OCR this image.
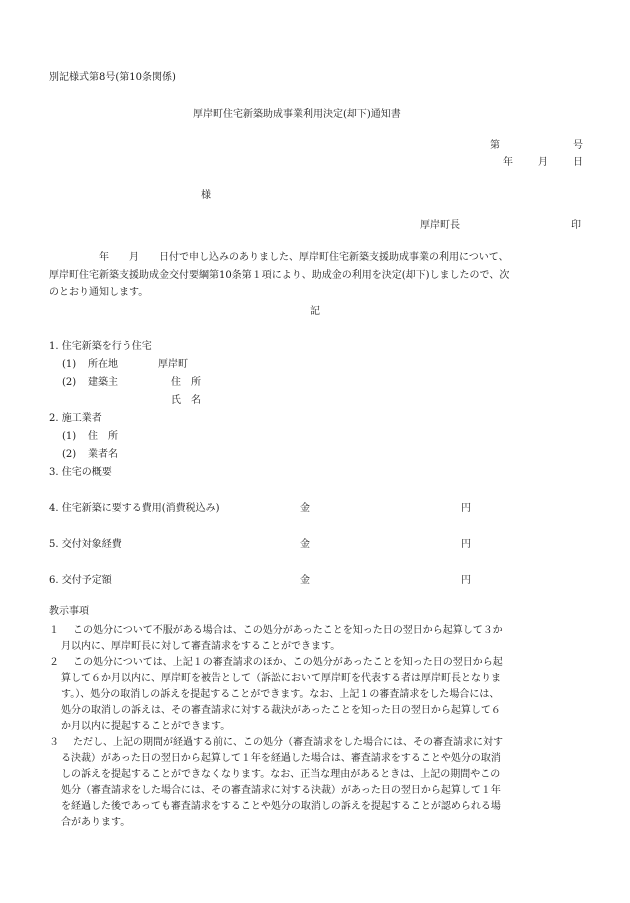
別記様式第8号(第10条関係)
厚岸町住宅新築助成事業利用決定(却下)通知書
第	号
年	月	日
様
厚岸町長	印
　　　　　年　　月　　日付で申し込みのありました、厚岸町住宅新築支援助成事業の利用について、
厚岸町住宅新築支援助成金交付要綱第10条第１項により、助成金の利用を決定(却下)しましたので、次
のとおり通知します。
記
1. 住宅新築を行う住宅
(1) 所在地	厚岸町
(2) 建築主	住　所
氏　名
2. 施工業者
(1) 住　所
(2) 業者名
3. 住宅の概要
4. 住宅新築に要する費用(消費税込み)	金	円
5. 交付対象経費	金	円
6. 交付予定額	金	円
教示事項
１	この処分について不服がある場合は、この処分があったことを知った日の翌日から起算して３か
月以内に、厚岸町長に対して審査請求をすることができます。
２	この処分については、上記１の審査請求のほか、この処分があったことを知った日の翌日から起
算して６か月以内に、厚岸町を被告として（訴訟において厚岸町を代表する者は厚岸町長となりま
す。）、処分の取消しの訴えを提起することができます。なお、上記１の審査請求をした場合には、
処分の取消しの訴えは、その審査請求に対する裁決があったことを知った日の翌日から起算して６
か月以内に提起することができます。
３	ただし、上記の期間が経過する前に、この処分（審査請求をした場合には、その審査請求に対す
る決裁）があった日の翌日から起算して１年を経過した場合は、審査請求をすることや処分の取消
しの訴えを提起することができなくなります。なお、正当な理由があるときは、上記の期間やこの
処分（審査請求をした場合には、その審査請求に対する決裁）があった日の翌日から起算して１年
を経過した後であっても審査請求をすることや処分の取消しの訴えを提起することが認められる場
合があります。
